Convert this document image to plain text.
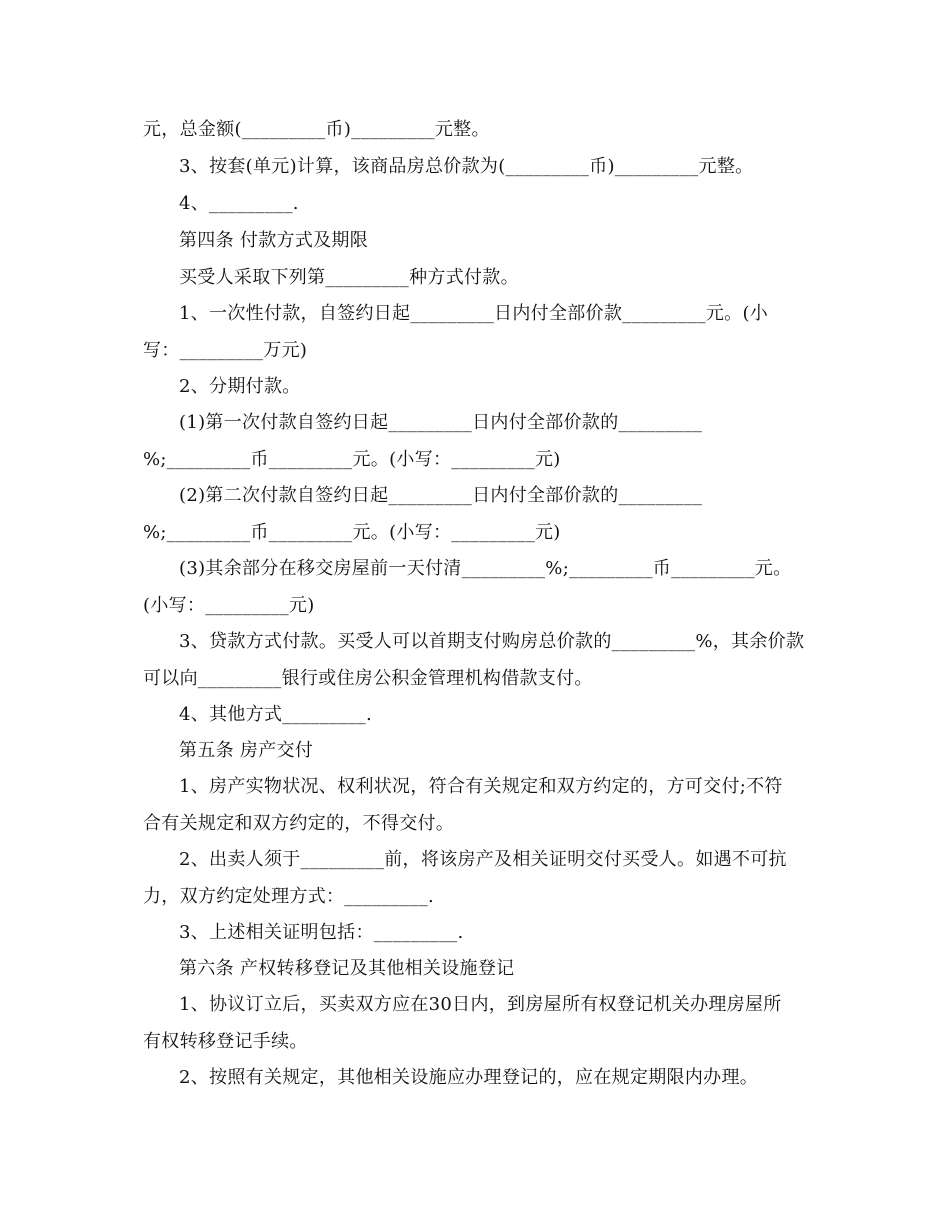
元，总金额(_________币)_________元整。
3、按套(单元)计算，该商品房总价款为(_________币)_________元整。
4、_________.
第四条 付款方式及期限
买受人采取下列第_________种方式付款。
1、一次性付款，自签约日起_________日内付全部价款_________元。(小
写：_________万元)
2、分期付款。
(1)第一次付款自签约日起_________日内付全部价款的_________
%;_________币_________元。(小写：_________元)
(2)第二次付款自签约日起_________日内付全部价款的_________
%;_________币_________元。(小写：_________元)
(3)其余部分在移交房屋前一天付清_________%;_________币_________元。
(小写：_________元)
3、贷款方式付款。买受人可以首期支付购房总价款的_________%，其余价款
可以向_________银行或住房公积金管理机构借款支付。
4、其他方式_________.
第五条 房产交付
1、房产实物状况、权利状况，符合有关规定和双方约定的，方可交付;不符
合有关规定和双方约定的，不得交付。
2、出卖人须于_________前，将该房产及相关证明交付买受人。如遇不可抗
力，双方约定处理方式：_________.
3、上述相关证明包括：_________.
第六条 产权转移登记及其他相关设施登记
1、协议订立后，买卖双方应在30日内，到房屋所有权登记机关办理房屋所
有权转移登记手续。
2、按照有关规定，其他相关设施应办理登记的，应在规定期限内办理。
